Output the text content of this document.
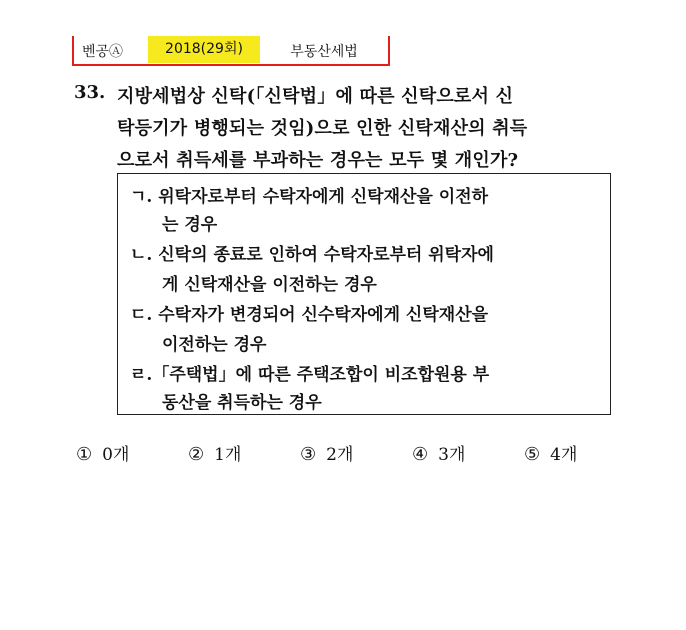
벤공Ⓐ	2018(29회)	부동산세법
33. 지방세법상 신탁(「신탁법」에 따른 신탁으로서 신
탁등기가 병행되는 것임)으로 인한 신탁재산의 취득
으로서 취득세를 부과하는 경우는 모두 몇 개인가?
ㄱ. 위탁자로부터 수탁자에게 신탁재산을 이전하
는 경우
ㄴ. 신탁의 종료로 인하여 수탁자로부터 위탁자에
게 신탁재산을 이전하는 경우
ㄷ. 수탁자가 변경되어 신수탁자에게 신탁재산을
이전하는 경우
ㄹ.「주택법」에 따른 주택조합이 비조합원용 부
동산을 취득하는 경우
① 0개	② 1개	③ 2개	④ 3개	⑤ 4개
